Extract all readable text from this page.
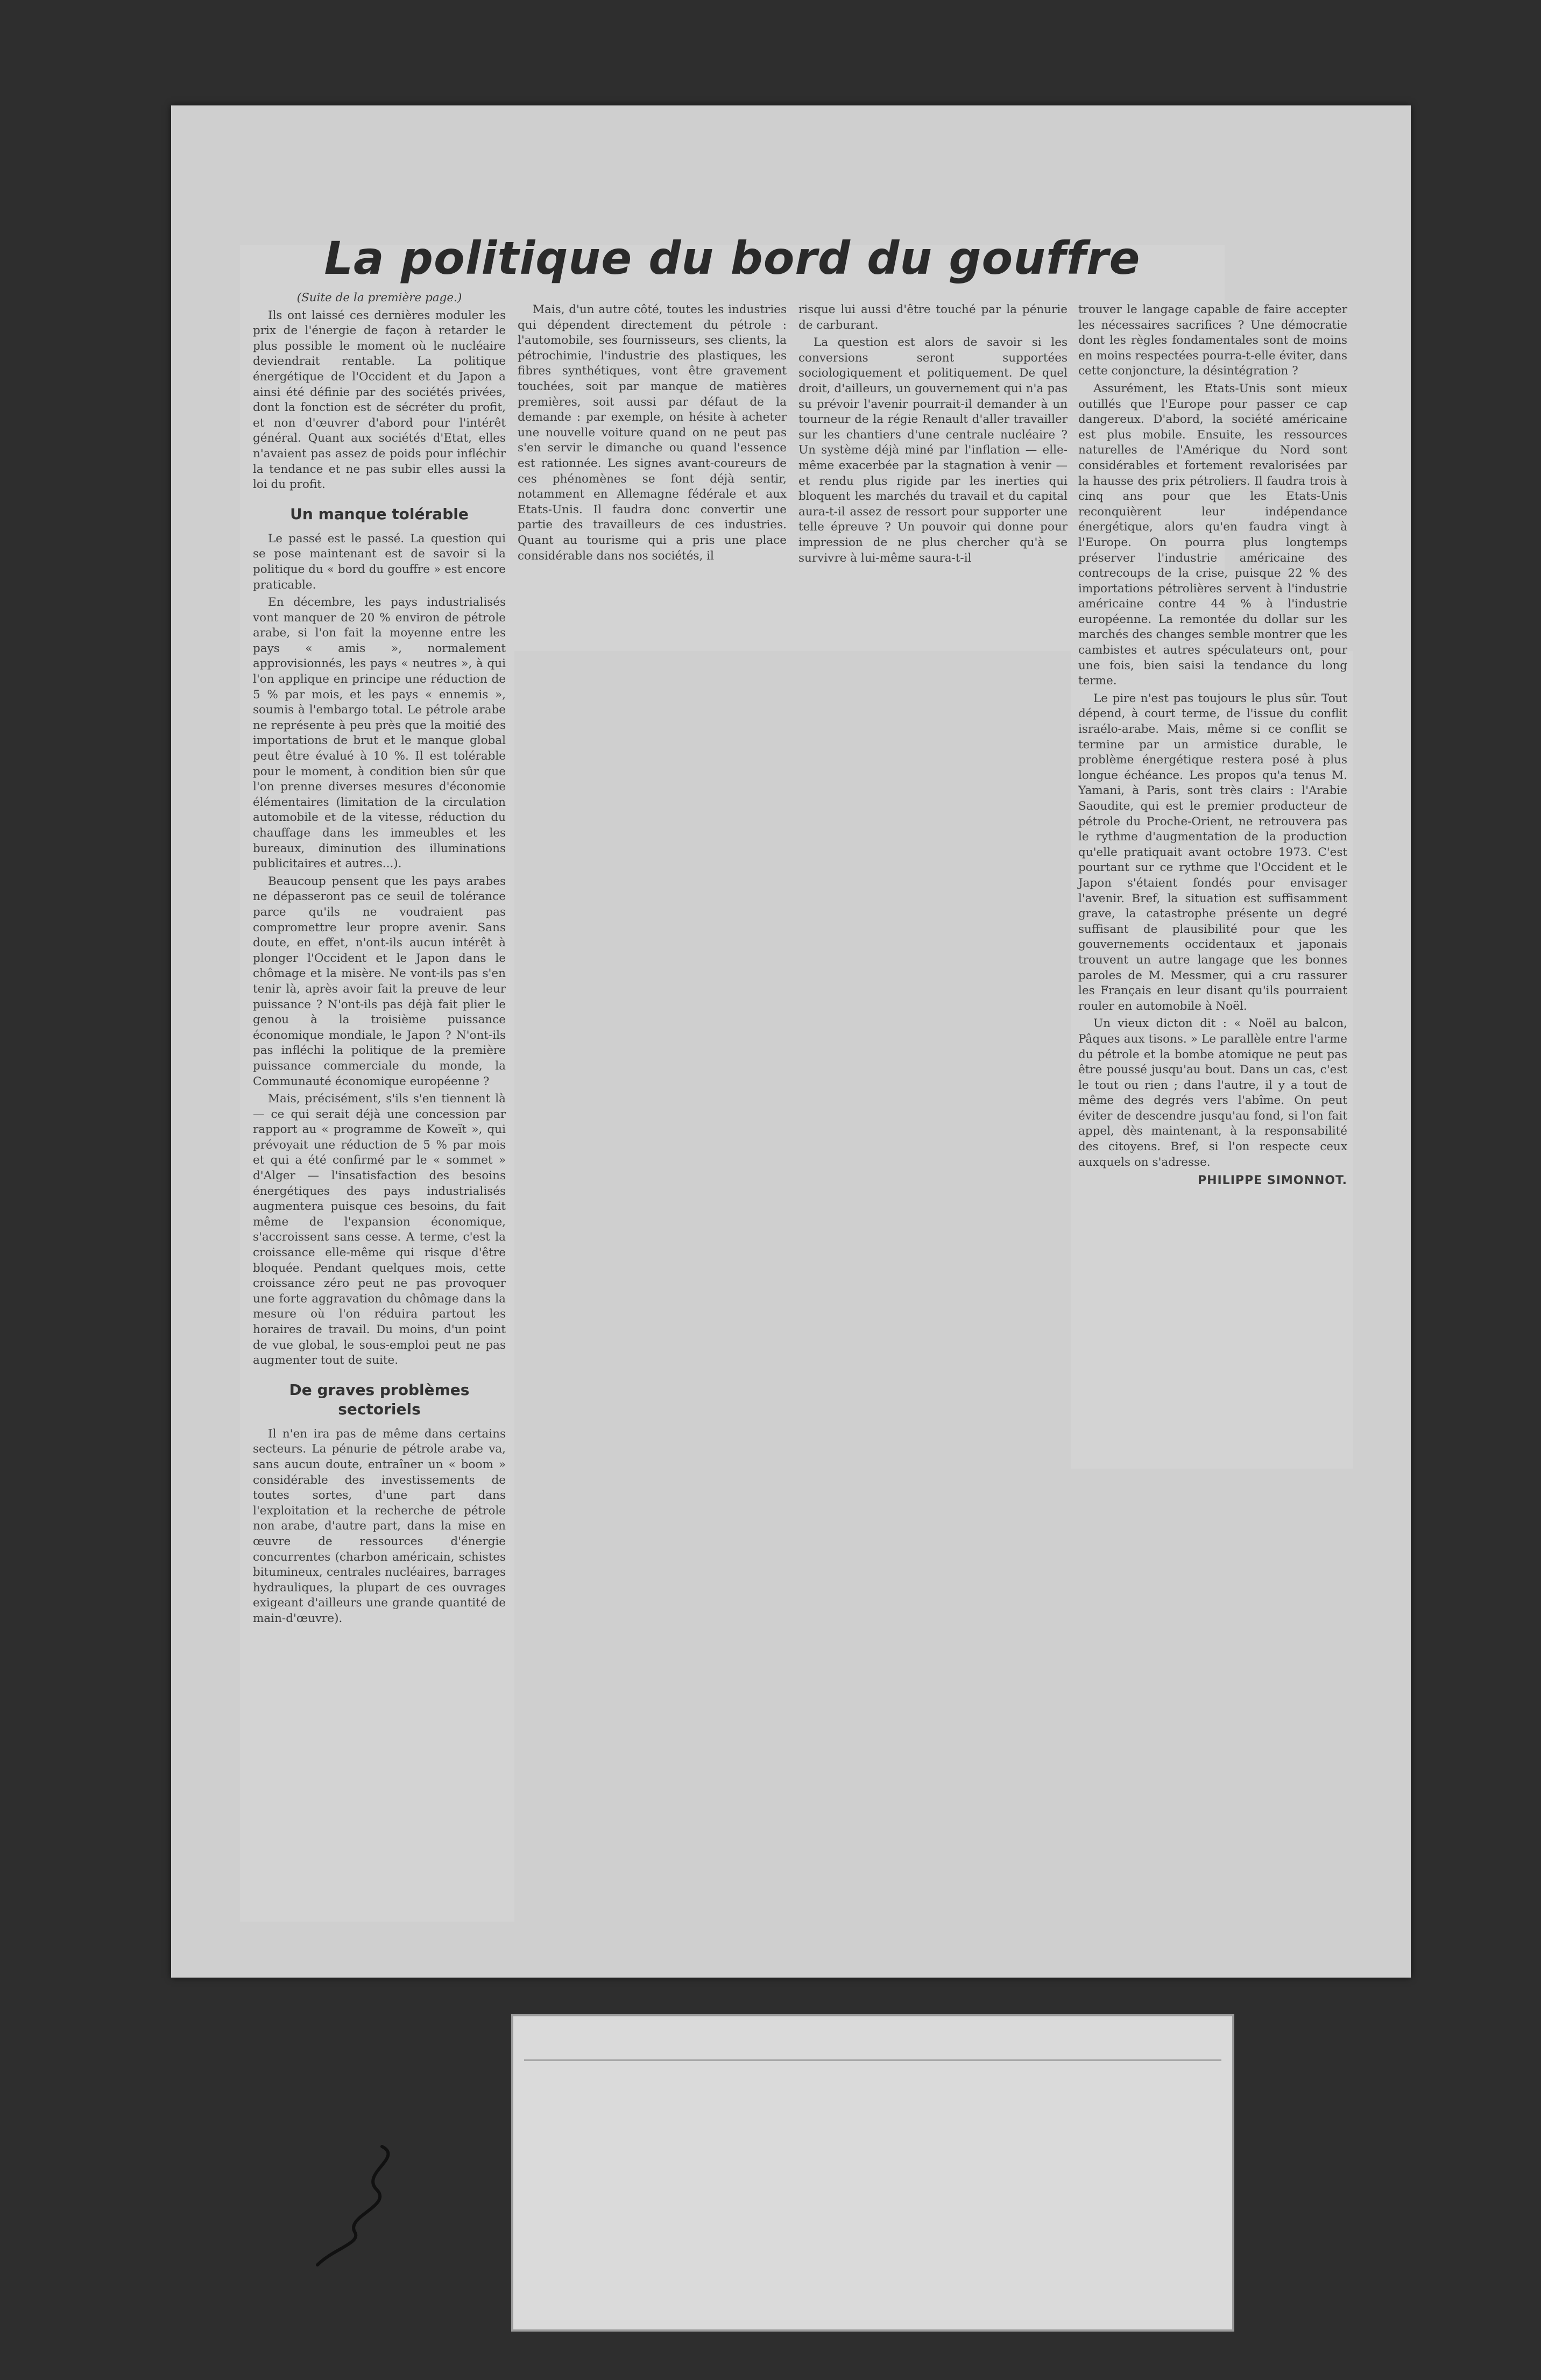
La politique du bord du gouffre

(Suite de la première page.)

Ils ont laissé ces dernières moduler les prix de l'énergie de façon à retarder le plus possible le moment où le nucléaire deviendrait rentable. La politique énergétique de l'Occident et du Japon a ainsi été définie par des sociétés privées, dont la fonction est de sécréter du profit, et non d'œuvrer d'abord pour l'intérêt général. Quant aux sociétés d'Etat, elles n'avaient pas assez de poids pour infléchir la tendance et ne pas subir elles aussi la loi du profit.

Un manque tolérable

Le passé est le passé. La question qui se pose maintenant est de savoir si la politique du « bord du gouffre » est encore praticable.

En décembre, les pays industrialisés vont manquer de 20 % environ de pétrole arabe, si l'on fait la moyenne entre les pays « amis », normalement approvisionnés, les pays « neutres », à qui l'on applique en principe une réduction de 5 % par mois, et les pays « ennemis », soumis à l'embargo total. Le pétrole arabe ne représente à peu près que la moitié des importations de brut et le manque global peut être évalué à 10 %. Il est tolérable pour le moment, à condition bien sûr que l'on prenne diverses mesures d'économie élémentaires (limitation de la circulation automobile et de la vitesse, réduction du chauffage dans les immeubles et les bureaux, diminution des illuminations publicitaires et autres...).

Beaucoup pensent que les pays arabes ne dépasseront pas ce seuil de tolérance parce qu'ils ne voudraient pas compromettre leur propre avenir. Sans doute, en effet, n'ont-ils aucun intérêt à plonger l'Occident et le Japon dans le chômage et la misère. Ne vont-ils pas s'en tenir là, après avoir fait la preuve de leur puissance ? N'ont-ils pas déjà fait plier le genou à la troisième puissance économique mondiale, le Japon ? N'ont-ils pas infléchi la politique de la première puissance commerciale du monde, la Communauté économique européenne ?

Mais, précisément, s'ils s'en tiennent là — ce qui serait déjà une concession par rapport au « programme de Koweït », qui prévoyait une réduction de 5 % par mois et qui a été confirmé par le « sommet » d'Alger — l'insatisfaction des besoins énergétiques des pays industrialisés augmentera puisque ces besoins, du fait même de l'expansion économique, s'accroissent sans cesse. A terme, c'est la croissance elle-même qui risque d'être bloquée. Pendant quelques mois, cette croissance zéro peut ne pas provoquer une forte aggravation du chômage dans la mesure où l'on réduira partout les horaires de travail. Du moins, d'un point de vue global, le sous-emploi peut ne pas augmenter tout de suite.

De graves problèmes sectoriels

Il n'en ira pas de même dans certains secteurs. La pénurie de pétrole arabe va, sans aucun doute, entraîner un « boom » considérable des investissements de toutes sortes, d'une part dans l'exploitation et la recherche de pétrole non arabe, d'autre part, dans la mise en œuvre de ressources d'énergie concurrentes (charbon américain, schistes bitumineux, centrales nucléaires, barrages hydrauliques, la plupart de ces ouvrages exigeant d'ailleurs une grande quantité de main-d'œuvre).

Mais, d'un autre côté, toutes les industries qui dépendent directement du pétrole : l'automobile, ses fournisseurs, ses clients, la pétrochimie, l'industrie des plastiques, les fibres synthétiques, vont être gravement touchées, soit par manque de matières premières, soit aussi par défaut de la demande : par exemple, on hésite à acheter une nouvelle voiture quand on ne peut pas s'en servir le dimanche ou quand l'essence est rationnée. Les signes avant-coureurs de ces phénomènes se font déjà sentir, notamment en Allemagne fédérale et aux Etats-Unis. Il faudra donc convertir une partie des travailleurs de ces industries. Quant au tourisme qui a pris une place considérable dans nos sociétés, il

risque lui aussi d'être touché par la pénurie de carburant.

La question est alors de savoir si les conversions seront supportées sociologiquement et politiquement. De quel droit, d'ailleurs, un gouvernement qui n'a pas su prévoir l'avenir pourrait-il demander à un tourneur de la régie Renault d'aller travailler sur les chantiers d'une centrale nucléaire ? Un système déjà miné par l'inflation — elle-même exacerbée par la stagnation à venir — et rendu plus rigide par les inerties qui bloquent les marchés du travail et du capital aura-t-il assez de ressort pour supporter une telle épreuve ? Un pouvoir qui donne pour impression de ne plus chercher qu'à se survivre à lui-même saura-t-il

trouver le langage capable de faire accepter les nécessaires sacrifices ? Une démocratie dont les règles fondamentales sont de moins en moins respectées pourra-t-elle éviter, dans cette conjoncture, la désintégration ?

Assurément, les Etats-Unis sont mieux outillés que l'Europe pour passer ce cap dangereux. D'abord, la société américaine est plus mobile. Ensuite, les ressources naturelles de l'Amérique du Nord sont considérables et fortement revalorisées par la hausse des prix pétroliers. Il faudra trois à cinq ans pour que les Etats-Unis reconquièrent leur indépendance énergétique, alors qu'en faudra vingt à l'Europe. On pourra plus longtemps préserver l'industrie américaine des contrecoups de la crise, puisque 22 % des importations pétrolières servent à l'industrie américaine contre 44 % à l'industrie européenne. La remontée du dollar sur les marchés des changes semble montrer que les cambistes et autres spéculateurs ont, pour une fois, bien saisi la tendance du long terme.

Le pire n'est pas toujours le plus sûr. Tout dépend, à court terme, de l'issue du conflit israélo-arabe. Mais, même si ce conflit se termine par un armistice durable, le problème énergétique restera posé à plus longue échéance. Les propos qu'a tenus M. Yamani, à Paris, sont très clairs : l'Arabie Saoudite, qui est le premier producteur de pétrole du Proche-Orient, ne retrouvera pas le rythme d'augmentation de la production qu'elle pratiquait avant octobre 1973. C'est pourtant sur ce rythme que l'Occident et le Japon s'étaient fondés pour envisager l'avenir. Bref, la situation est suffisamment grave, la catastrophe présente un degré suffisant de plausibilité pour que les gouvernements occidentaux et japonais trouvent un autre langage que les bonnes paroles de M. Messmer, qui a cru rassurer les Français en leur disant qu'ils pourraient rouler en automobile à Noël.

Un vieux dicton dit : « Noël au balcon, Pâques aux tisons. » Le parallèle entre l'arme du pétrole et la bombe atomique ne peut pas être poussé jusqu'au bout. Dans un cas, c'est le tout ou rien ; dans l'autre, il y a tout de même des degrés vers l'abîme. On peut éviter de descendre jusqu'au fond, si l'on fait appel, dès maintenant, à la responsabilité des citoyens. Bref, si l'on respecte ceux auxquels on s'adresse.

PHILIPPE SIMONNOT.
